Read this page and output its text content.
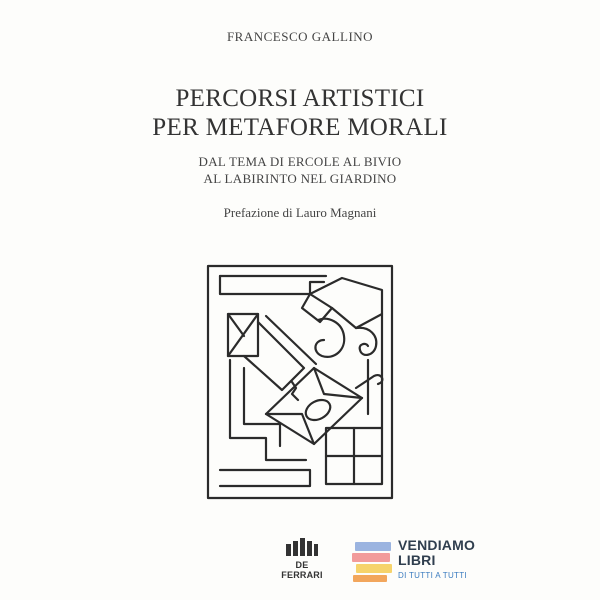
FRANCESCO GALLINO
PERCORSI ARTISTICI
PER METAFORE MORALI
DAL TEMA DI ERCOLE AL BIVIO
AL LABIRINTO NEL GIARDINO
Prefazione di Lauro Magnani
DE FERRARI
VENDIAMO
LIBRI
DI TUTTI A TUTTI
